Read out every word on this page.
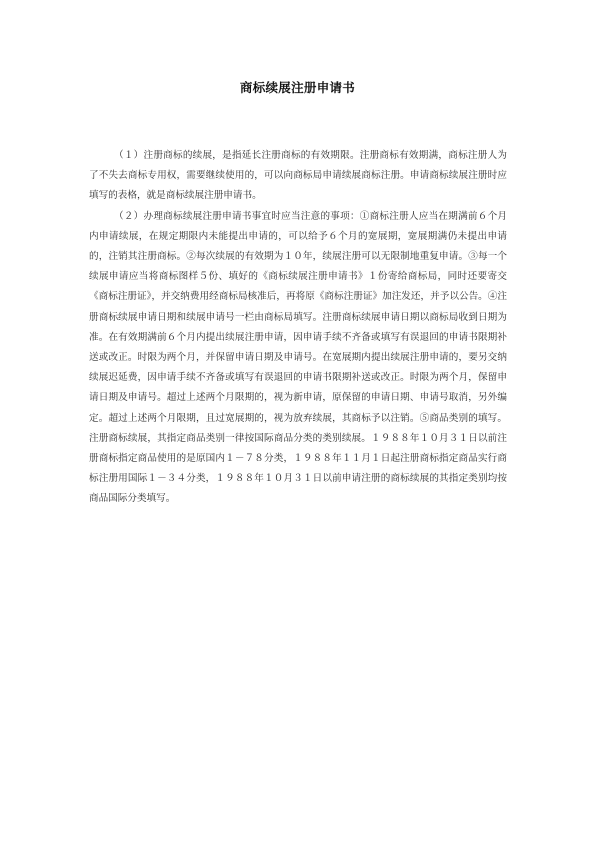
商标续展注册申请书

（１）注册商标的续展，是指延长注册商标的有效期限。注册商标有效期满，商标注册人为了不失去商标专用权，需要继续使用的，可以向商标局申请续展商标注册。申请商标续展注册时应填写的表格，就是商标续展注册申请书。

（２）办理商标续展注册申请书事宜时应当注意的事项：①商标注册人应当在期满前６个月内申请续展，在规定期限内未能提出申请的，可以给予６个月的宽展期，宽展期满仍未提出申请的，注销其注册商标。②每次续展的有效期为１０年，续展注册可以无限制地重复申请。③每一个续展申请应当将商标图样５份、填好的《商标续展注册申请书》１份寄给商标局，同时还要寄交《商标注册证》，并交纳费用经商标局核准后，再将原《商标注册证》加注发还，并予以公告。④注册商标续展申请日期和续展申请号一栏由商标局填写。注册商标续展申请日期以商标局收到日期为准。在有效期满前６个月内提出续展注册申请，因申请手续不齐备或填写有误退回的申请书限期补送或改正。时限为两个月，并保留申请日期及申请号。在宽展期内提出续展注册申请的，要另交纳续展迟延费，因申请手续不齐备或填写有误退回的申请书限期补送或改正。时限为两个月，保留申请日期及申请号。超过上述两个月限期的，视为新申请，原保留的申请日期、申请号取消，另外编定。超过上述两个月限期，且过宽展期的，视为放弃续展，其商标予以注销。⑤商品类别的填写。注册商标续展，其指定商品类别一律按国际商品分类的类别续展。１９８８年１０月３１日以前注册商标指定商品使用的是原国内１－７８分类，１９８８年１１月１日起注册商标指定商品实行商标注册用国际１－３４分类，１９８８年１０月３１日以前申请注册的商标续展的其指定类别均按商品国际分类填写。
